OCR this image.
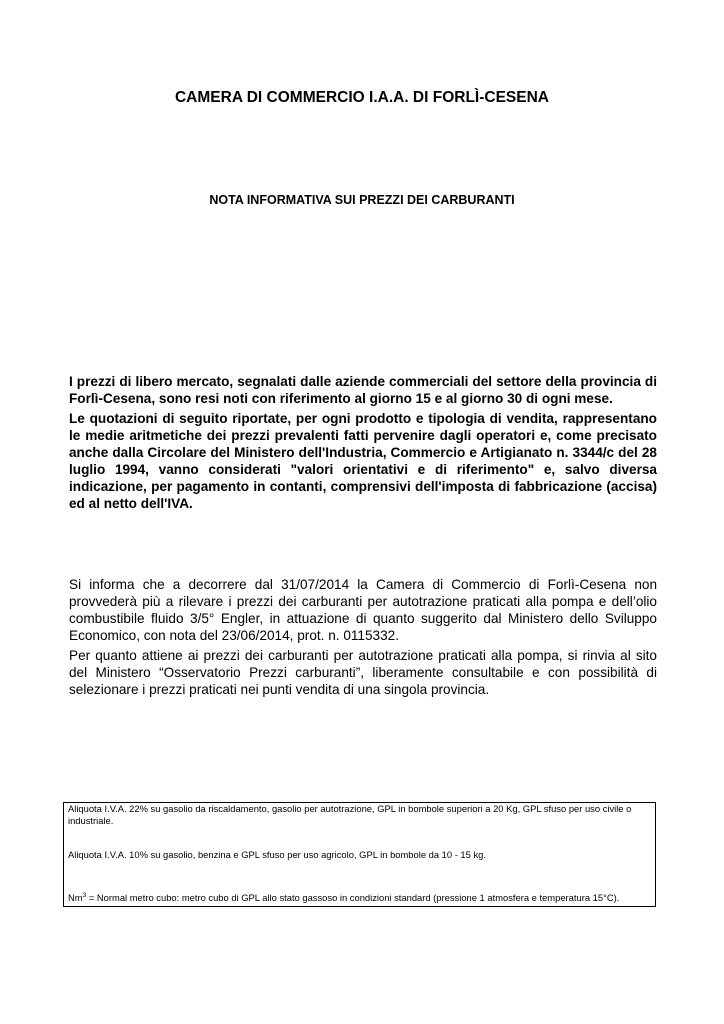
CAMERA DI COMMERCIO I.A.A. DI FORLÌ-CESENA
NOTA INFORMATIVA SUI PREZZI DEI CARBURANTI

I prezzi di libero mercato, segnalati dalle aziende commerciali del settore della provincia di Forlì-Cesena, sono resi noti con riferimento al giorno 15 e al giorno 30 di ogni mese.

Le quotazioni di seguito riportate, per ogni prodotto e tipologia di vendita, rappresentano le medie aritmetiche dei prezzi prevalenti fatti pervenire dagli operatori e, come precisato anche dalla Circolare del Ministero dell'Industria, Commercio e Artigianato n. 3344/c del 28 luglio 1994, vanno considerati "valori orientativi e di riferimento" e, salvo diversa indicazione, per pagamento in contanti, comprensivi dell'imposta di fabbricazione (accisa) ed al netto dell'IVA.

Si informa che a decorrere dal 31/07/2014 la Camera di Commercio di Forlì-Cesena non provvederà più a rilevare i prezzi dei carburanti per autotrazione praticati alla pompa e dell’olio combustibile fluido 3/5° Engler, in attuazione di quanto suggerito dal Ministero dello Sviluppo Economico, con nota del 23/06/2014, prot. n. 0115332.

Per quanto attiene ai prezzi dei carburanti per autotrazione praticati alla pompa, si rinvia al sito del Ministero “Osservatorio Prezzi carburanti”, liberamente consultabile e con possibilità di selezionare i prezzi praticati nei punti vendita di una singola provincia.

Aliquota I.V.A. 22% su gasolio da riscaldamento, gasolio per autotrazione, GPL in bombole superiori a 20 Kg, GPL sfuso per uso civile o industriale.

Aliquota I.V.A. 10% su gasolio, benzina e GPL sfuso per uso agricolo, GPL in bombole da 10 - 15 kg.

$Nm^3$ = Normal metro cubo: metro cubo di GPL allo stato gassoso in condizioni standard (pressione 1 atmosfera e temperatura 15°C).
